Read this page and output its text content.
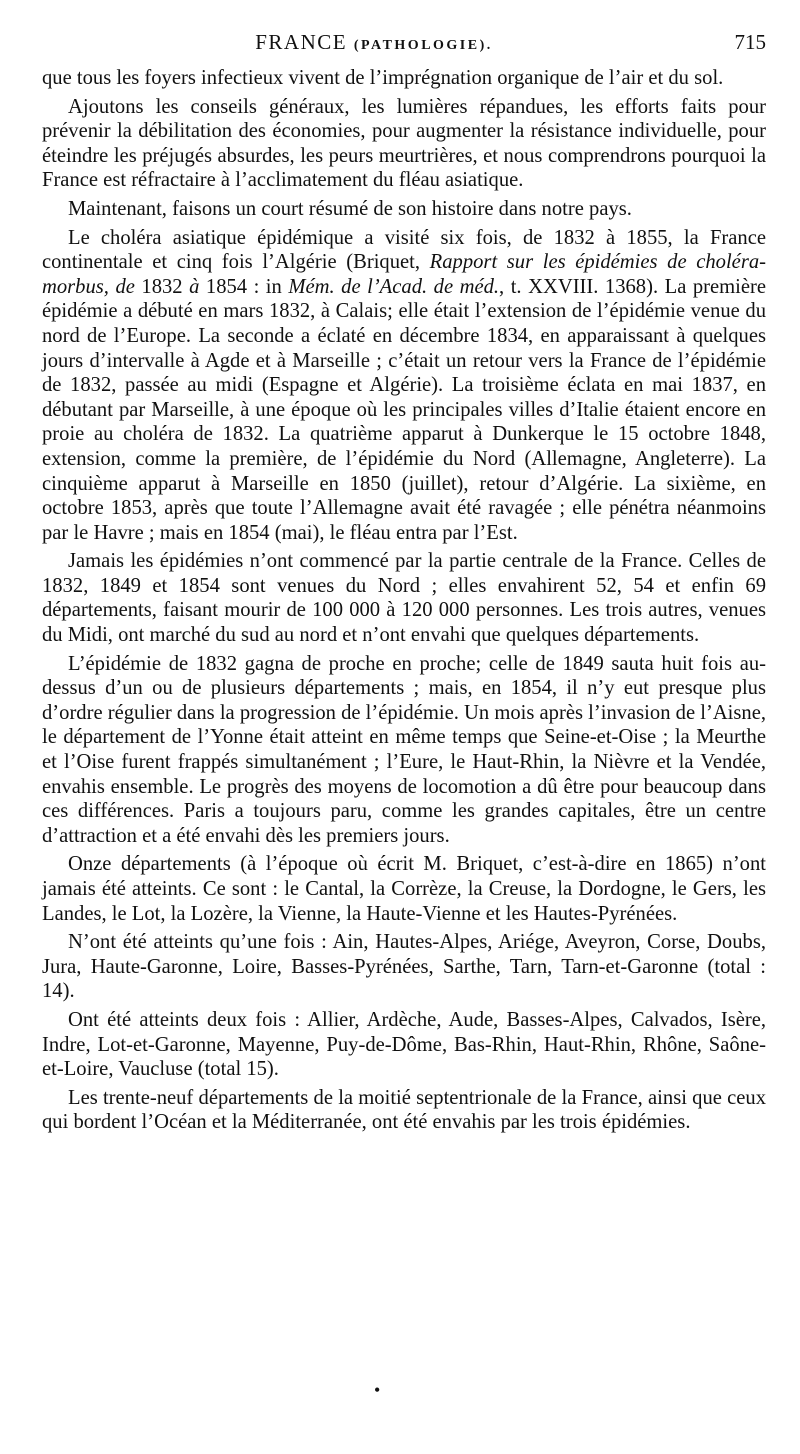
FRANCE (PATHOLOGIE).	715

que tous les foyers infectieux vivent de l’imprégnation organique de l’air et du sol.

Ajoutons les conseils généraux, les lumières répandues, les efforts faits pour prévenir la débilitation des économies, pour augmenter la résistance individuelle, pour éteindre les préjugés absurdes, les peurs meurtrières, et nous comprendrons pourquoi la France est réfractaire à l’acclimatement du fléau asiatique.

Maintenant, faisons un court résumé de son histoire dans notre pays.

Le choléra asiatique épidémique a visité six fois, de 1832 à 1855, la France continentale et cinq fois l’Algérie (Briquet, Rapport sur les épidémies de choléra-morbus, de 1832 à 1854 : in Mém. de l’Acad. de méd., t. XXVIII. 1368). La première épidémie a débuté en mars 1832, à Calais; elle était l’extension de l’épidémie venue du nord de l’Europe. La seconde a éclaté en décembre 1834, en apparaissant à quelques jours d’intervalle à Agde et à Marseille ; c’était un retour vers la France de l’épidémie de 1832, passée au midi (Espagne et Algérie). La troisième éclata en mai 1837, en débutant par Marseille, à une époque où les principales villes d’Italie étaient encore en proie au choléra de 1832. La quatrième apparut à Dunkerque le 15 octobre 1848, extension, comme la première, de l’épidémie du Nord (Allemagne, Angleterre). La cinquième apparut à Marseille en 1850 (juillet), retour d’Algérie. La sixième, en octobre 1853, après que toute l’Allemagne avait été ravagée ; elle pénétra néanmoins par le Havre ; mais en 1854 (mai), le fléau entra par l’Est.

Jamais les épidémies n’ont commencé par la partie centrale de la France. Celles de 1832, 1849 et 1854 sont venues du Nord ; elles envahirent 52, 54 et enfin 69 départements, faisant mourir de 100 000 à 120 000 personnes. Les trois autres, venues du Midi, ont marché du sud au nord et n’ont envahi que quelques départements.

L’épidémie de 1832 gagna de proche en proche; celle de 1849 sauta huit fois au-dessus d’un ou de plusieurs départements ; mais, en 1854, il n’y eut presque plus d’ordre régulier dans la progression de l’épidémie. Un mois après l’invasion de l’Aisne, le département de l’Yonne était atteint en même temps que Seine-et-Oise ; la Meurthe et l’Oise furent frappés simultanément ; l’Eure, le Haut-Rhin, la Nièvre et la Vendée, envahis ensemble. Le progrès des moyens de locomotion a dû être pour beaucoup dans ces différences. Paris a toujours paru, comme les grandes capitales, être un centre d’attraction et a été envahi dès les premiers jours.

Onze départements (à l’époque où écrit M. Briquet, c’est-à-dire en 1865) n’ont jamais été atteints. Ce sont : le Cantal, la Corrèze, la Creuse, la Dordogne, le Gers, les Landes, le Lot, la Lozère, la Vienne, la Haute-Vienne et les Hautes-Pyrénées.

N’ont été atteints qu’une fois : Ain, Hautes-Alpes, Ariége, Aveyron, Corse, Doubs, Jura, Haute-Garonne, Loire, Basses-Pyrénées, Sarthe, Tarn, Tarn-et-Garonne (total : 14).

Ont été atteints deux fois : Allier, Ardèche, Aude, Basses-Alpes, Calvados, Isère, Indre, Lot-et-Garonne, Mayenne, Puy-de-Dôme, Bas-Rhin, Haut-Rhin, Rhône, Saône-et-Loire, Vaucluse (total 15).

Les trente-neuf départements de la moitié septentrionale de la France, ainsi que ceux qui bordent l’Océan et la Méditerranée, ont été envahis par les trois épidémies.

•
